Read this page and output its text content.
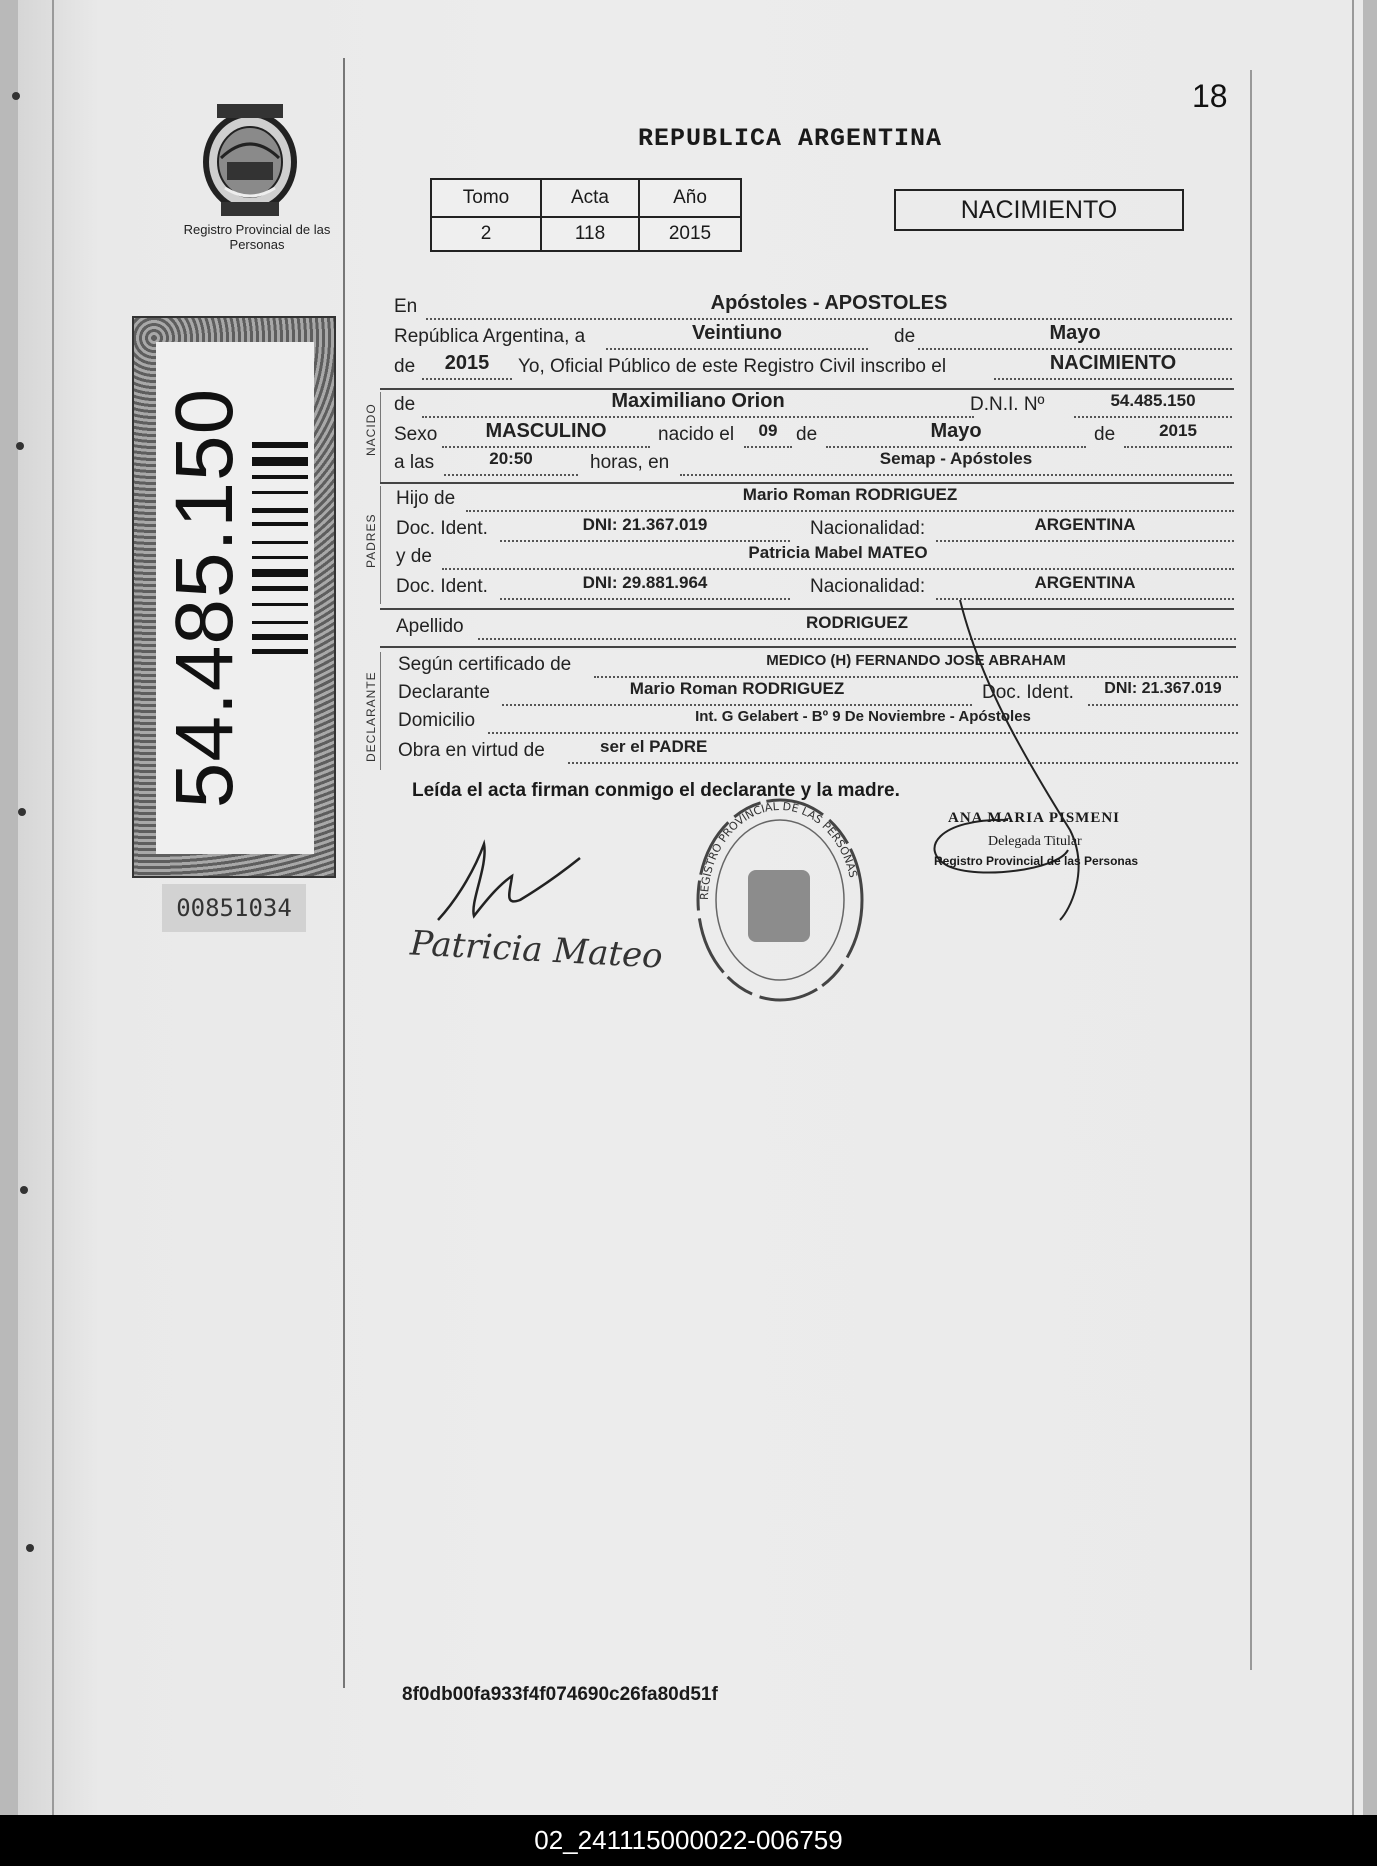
Registro Provincial de las Personas
54.485.150
00851034
18
REPUBLICA ARGENTINA
Tomo	Acta	Año
2	118	2015
NACIMIENTO
En	Apóstoles - APOSTOLES
República Argentina, a	Veintiuno	de	Mayo
de	2015	Yo, Oficial Público de este Registro Civil inscribo el	NACIMIENTO
NACIDO de	Maximiliano Orion	D.N.I. Nº	54.485.150
Sexo	MASCULINO	nacido el	09 de	Mayo	de	2015
a las	20:50	horas, en	Semap - Apóstoles
PADRES
Hijo de	Mario Roman RODRIGUEZ
Doc. Ident.	DNI: 21.367.019	Nacionalidad:	ARGENTINA
y de	Patricia Mabel MATEO
Doc. Ident.	DNI: 29.881.964	Nacionalidad:	ARGENTINA
Apellido	RODRIGUEZ
DECLARANTE
Según certificado de	MEDICO (H) FERNANDO JOSE ABRAHAM
Declarante	Mario Roman RODRIGUEZ	Doc. Ident.	DNI: 21.367.019
Domicilio	Int. G Gelabert - Bº 9 De Noviembre - Apóstoles
Obra en virtud de	ser el PADRE
Leída el acta firman conmigo el declarante y la madre.
Patricia Mateo
REGISTRO PROVINCIAL DE LAS PERSONAS
ANA MARIA PISMENI
Delegada Titular
Registro Provincial de las Personas
8f0db00fa933f4f074690c26fa80d51f
02_241115000022-006759
